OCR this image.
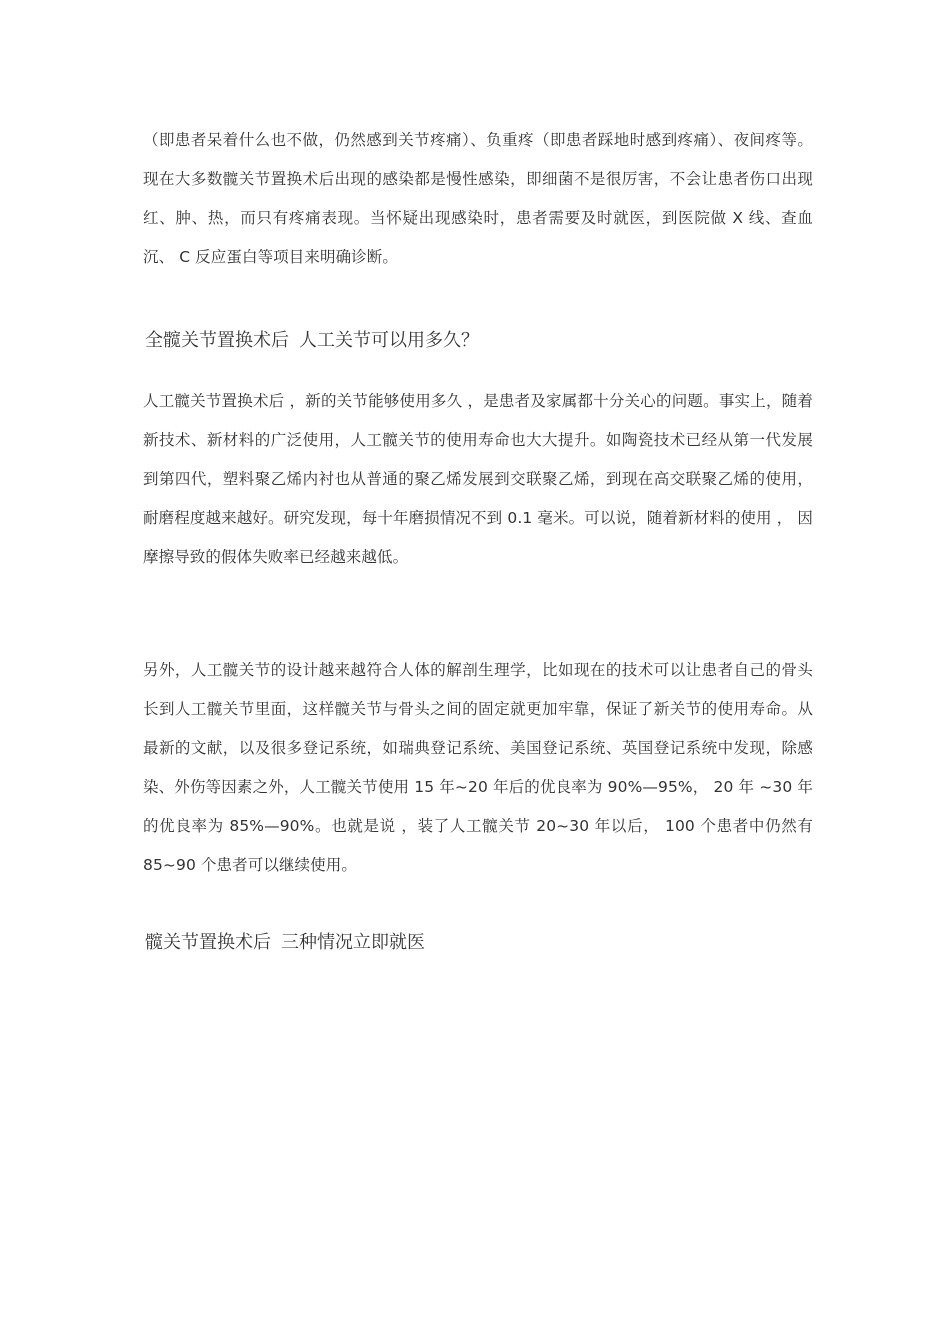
（即患者呆着什么也不做，仍然感到关节疼痛）、负重疼（即患者踩地时感到疼痛）、夜间疼等。现在大多数髋关节置换术后出现的感染都是慢性感染，即细菌不是很厉害，不会让患者伤口出现红、肿、热，而只有疼痛表现。当怀疑出现感染时，患者需要及时就医，到医院做 X 线、查血沉、 C 反应蛋白等项目来明确诊断。

全髋关节置换术后 人工关节可以用多久？

人工髋关节置换术后 ，新的关节能够使用多久 ，是患者及家属都十分关心的问题。事实上，随着新技术、新材料的广泛使用，人工髋关节的使用寿命也大大提升。如陶瓷技术已经从第一代发展到第四代，塑料聚乙烯内衬也从普通的聚乙烯发展到交联聚乙烯，到现在高交联聚乙烯的使用，耐磨程度越来越好。研究发现，每十年磨损情况不到 0.1 毫米。可以说，随着新材料的使用 ， 因摩擦导致的假体失败率已经越来越低。

另外，人工髋关节的设计越来越符合人体的解剖生理学，比如现在的技术可以让患者自己的骨头长到人工髋关节里面，这样髋关节与骨头之间的固定就更加牢靠，保证了新关节的使用寿命。从最新的文献，以及很多登记系统，如瑞典登记系统、美国登记系统、英国登记系统中发现，除感染、外伤等因素之外，人工髋关节使用 15 年~20 年后的优良率为 90%—95%， 20 年 ~30 年的优良率为 85%—90%。也就是说 ，装了人工髋关节 20~30 年以后， 100 个患者中仍然有 85~90 个患者可以继续使用。

髋关节置换术后 三种情况立即就医
